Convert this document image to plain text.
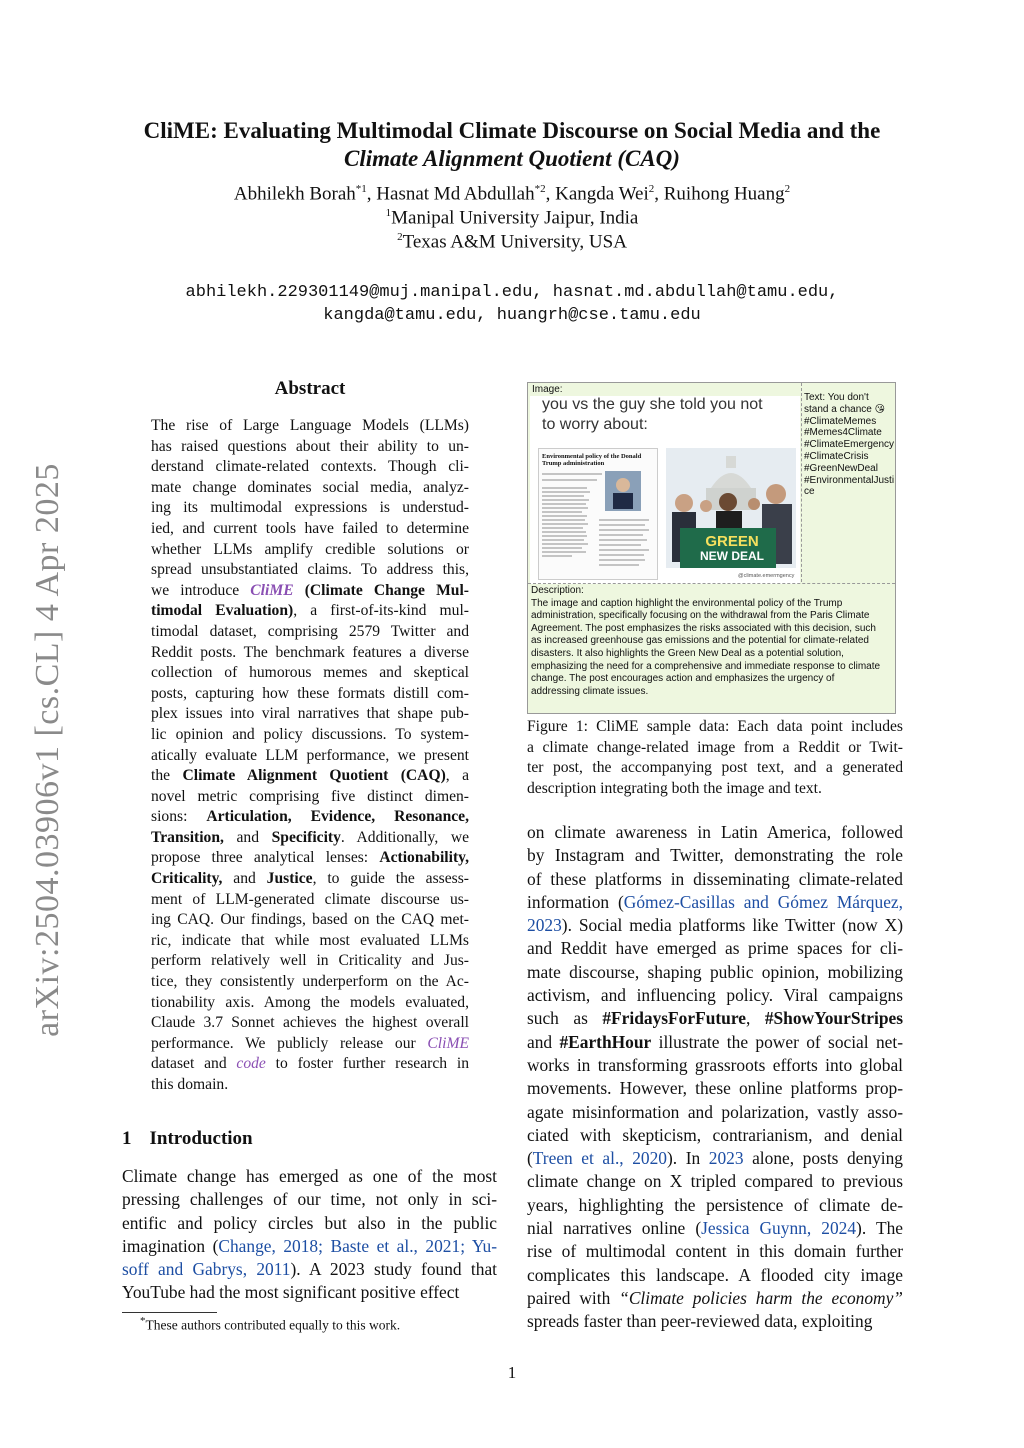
arXiv:2504.03906v1 [cs.CL] 4 Apr 2025
CliME: Evaluating Multimodal Climate Discourse on Social Media and the
Climate Alignment Quotient (CAQ)
Abhilekh Borah$^{*1}$, Hasnat Md Abdullah$^{*2}$, Kangda Wei$^2$, Ruihong Huang$^2$
$^1$Manipal University Jaipur, India
$^2$Texas A&M University, USA
abhilekh.229301149@muj.manipal.edu, hasnat.md.abdullah@tamu.edu,
kangda@tamu.edu, huangrh@cse.tamu.edu
Abstract
The rise of Large Language Models (LLMs)
has raised questions about their ability to un-
derstand climate-related contexts. Though cli-
mate change dominates social media, analyz-
ing its multimodal expressions is understud-
ied, and current tools have failed to determine
whether LLMs amplify credible solutions or
spread unsubstantiated claims. To address this,
we introduce CliME (Climate Change Mul-
timodal Evaluation), a first-of-its-kind mul-
timodal dataset, comprising 2579 Twitter and
Reddit posts. The benchmark features a diverse
collection of humorous memes and skeptical
posts, capturing how these formats distill com-
plex issues into viral narratives that shape pub-
lic opinion and policy discussions. To system-
atically evaluate LLM performance, we present
the Climate Alignment Quotient (CAQ), a
novel metric comprising five distinct dimen-
sions: Articulation, Evidence, Resonance,
Transition, and Specificity. Additionally, we
propose three analytical lenses: Actionability,
Criticality, and Justice, to guide the assess-
ment of LLM-generated climate discourse us-
ing CAQ. Our findings, based on the CAQ met-
ric, indicate that while most evaluated LLMs
perform relatively well in Criticality and Jus-
tice, they consistently underperform on the Ac-
tionability axis. Among the models evaluated,
Claude 3.7 Sonnet achieves the highest overall
performance. We publicly release our CliME
dataset and code to foster further research in
this domain.
1 Introduction
Climate change has emerged as one of the most
pressing challenges of our time, not only in sci-
entific and policy circles but also in the public
imagination (Change, 2018; Baste et al., 2021; Yu-
soff and Gabrys, 2011). A 2023 study found that
YouTube had the most significant positive effect
*These authors contributed equally to this work.
Image:
you vs the guy she told you not
to worry about:
Environmental policy of the Donald
Trump administration
GREEN
NEW DEAL
@climate.emermgency
Text: You don't
stand a chance 😘
#ClimateMemes
#Memes4Climate
#ClimateEmergency
#ClimateCrisis
#GreenNewDeal
#EnvironmentalJusti
ce
Description:
The image and caption highlight the environmental policy of the Trump
administration, specifically focusing on the withdrawal from the Paris Climate
Agreement. The post emphasizes the risks associated with this decision, such
as increased greenhouse gas emissions and the potential for climate-related
disasters. It also highlights the Green New Deal as a potential solution,
emphasizing the need for a comprehensive and immediate response to climate
change. The post encourages action and emphasizes the urgency of
addressing climate issues.
Figure 1: CliME sample data: Each data point includes
a climate change-related image from a Reddit or Twit-
ter post, the accompanying post text, and a generated
description integrating both the image and text.
on climate awareness in Latin America, followed
by Instagram and Twitter, demonstrating the role
of these platforms in disseminating climate-related
information (Gómez-Casillas and Gómez Márquez,
2023). Social media platforms like Twitter (now X)
and Reddit have emerged as prime spaces for cli-
mate discourse, shaping public opinion, mobilizing
activism, and influencing policy. Viral campaigns
such as #FridaysForFuture, #ShowYourStripes
and #EarthHour illustrate the power of social net-
works in transforming grassroots efforts into global
movements. However, these online platforms prop-
agate misinformation and polarization, vastly asso-
ciated with skepticism, contrarianism, and denial
(Treen et al., 2020). In 2023 alone, posts denying
climate change on X tripled compared to previous
years, highlighting the persistence of climate de-
nial narratives online (Jessica Guynn, 2024). The
rise of multimodal content in this domain further
complicates this landscape. A flooded city image
paired with “Climate policies harm the economy”
spreads faster than peer-reviewed data, exploiting
1
